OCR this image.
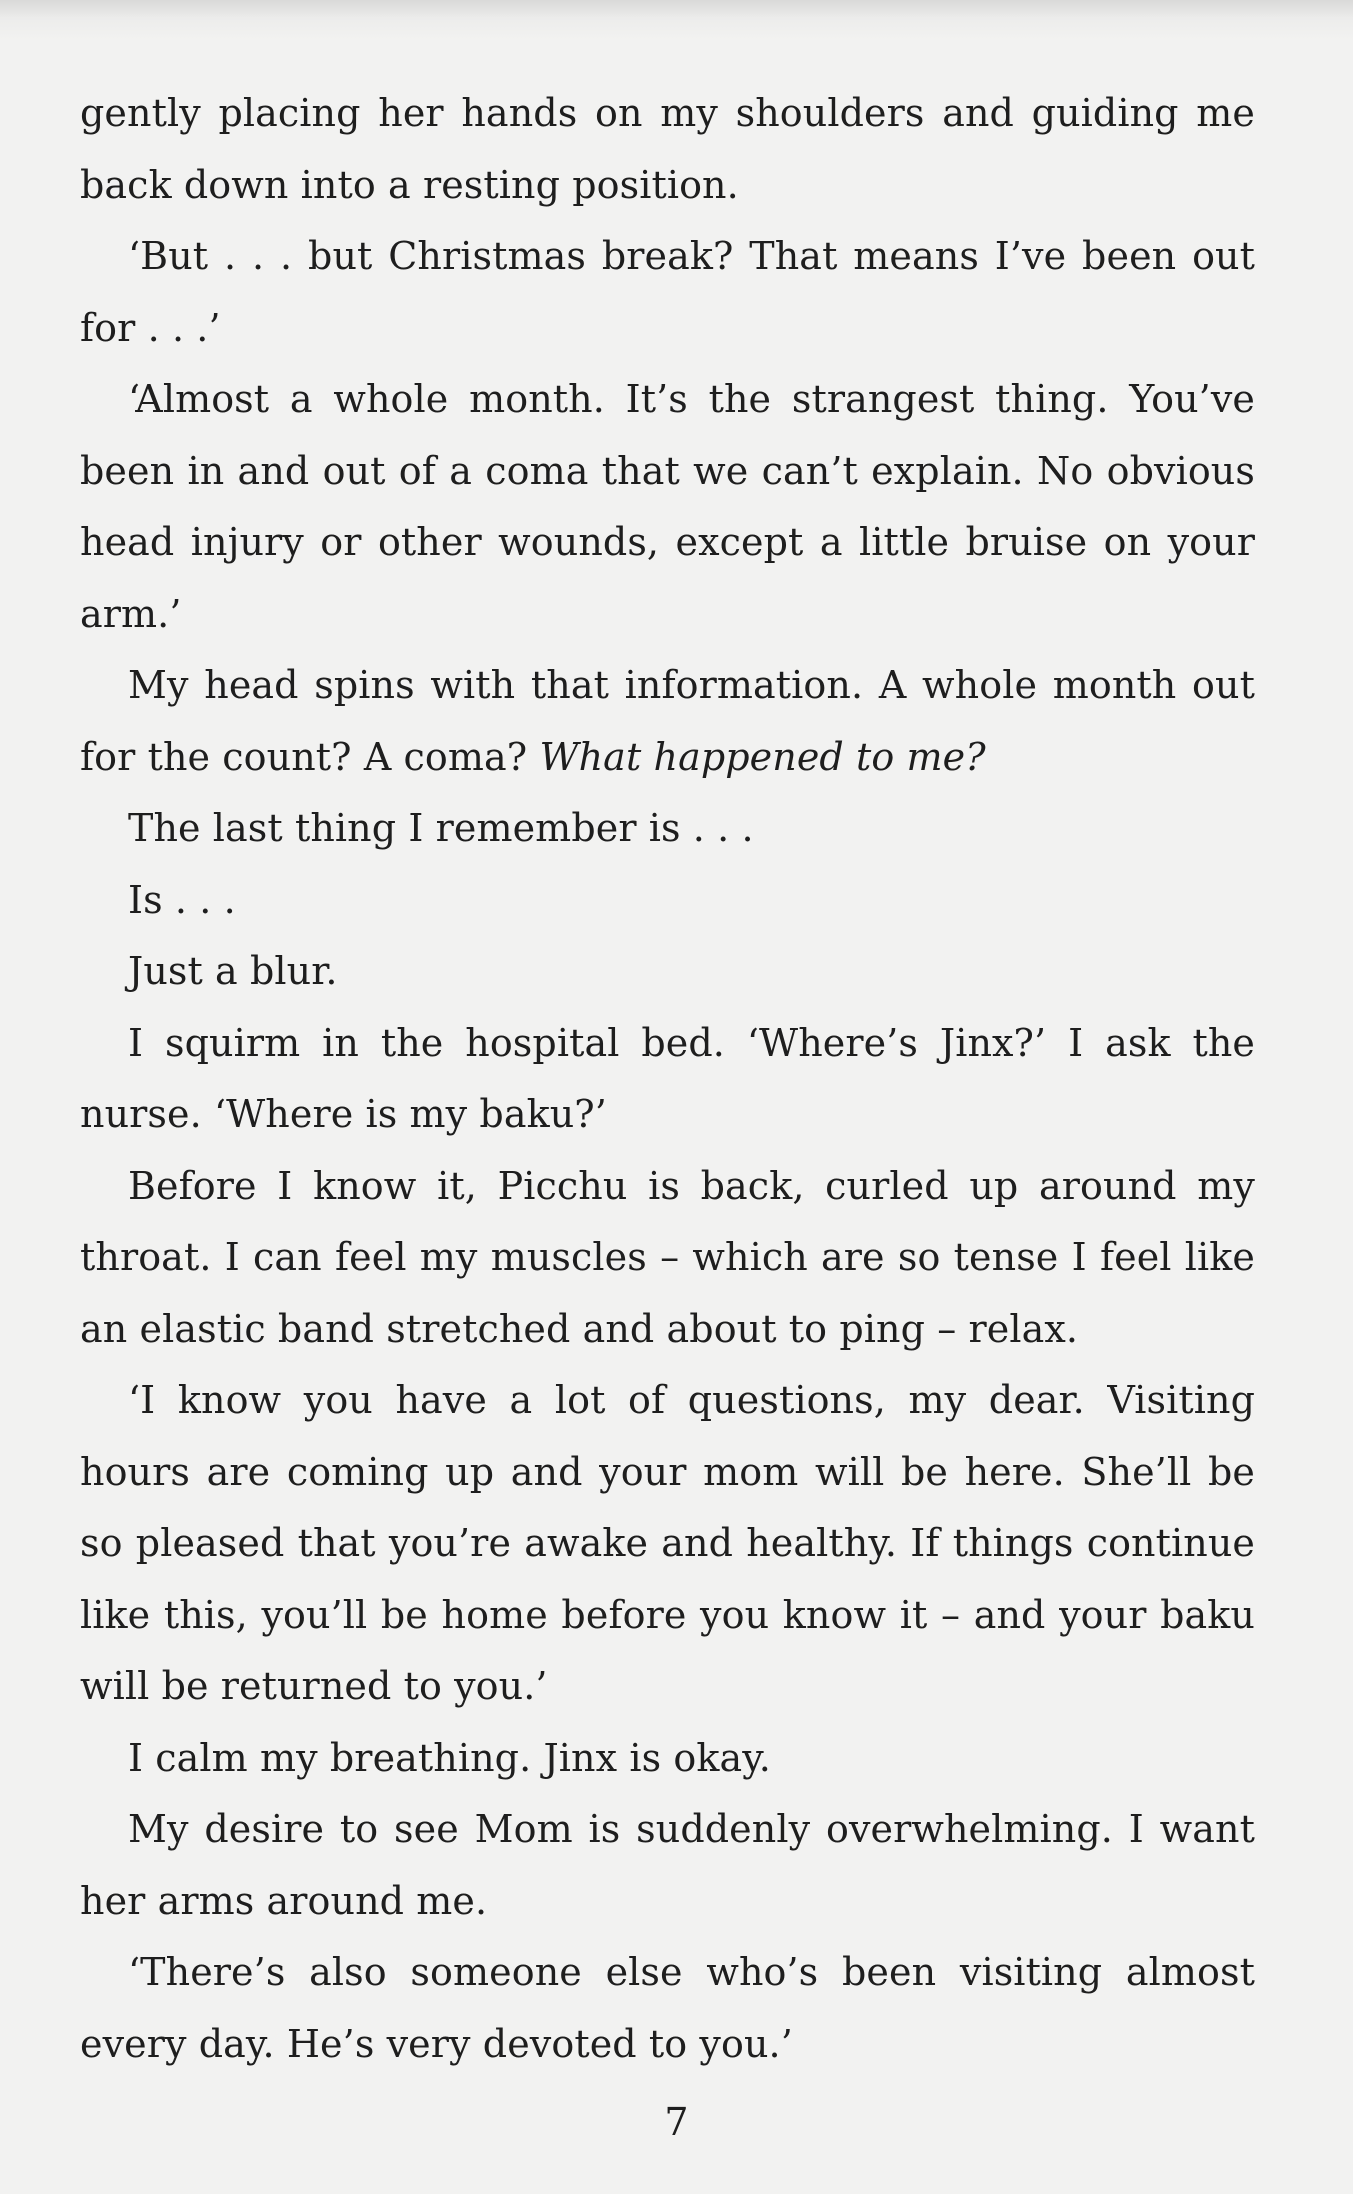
gently placing her hands on my shoulders and guiding me back down into a resting position.

‘But . . . but Christmas break? That means I’ve been out for . . .’

‘Almost a whole month. It’s the strangest thing. You’ve been in and out of a coma that we can’t explain. No obvious head injury or other wounds, except a little bruise on your arm.’

My head spins with that information. A whole month out for the count? A coma? What happened to me?

The last thing I remember is . . .

Is . . .

Just a blur.

I squirm in the hospital bed. ‘Where’s Jinx?’ I ask the nurse. ‘Where is my baku?’

Before I know it, Picchu is back, curled up around my throat. I can feel my muscles – which are so tense I feel like an elastic band stretched and about to ping – relax.

‘I know you have a lot of questions, my dear. Visiting hours are coming up and your mom will be here. She’ll be so pleased that you’re awake and healthy. If things continue like this, you’ll be home before you know it – and your baku will be returned to you.’

I calm my breathing. Jinx is okay.

My desire to see Mom is suddenly overwhelming. I want her arms around me.

‘There’s also someone else who’s been visiting almost every day. He’s very devoted to you.’

7
